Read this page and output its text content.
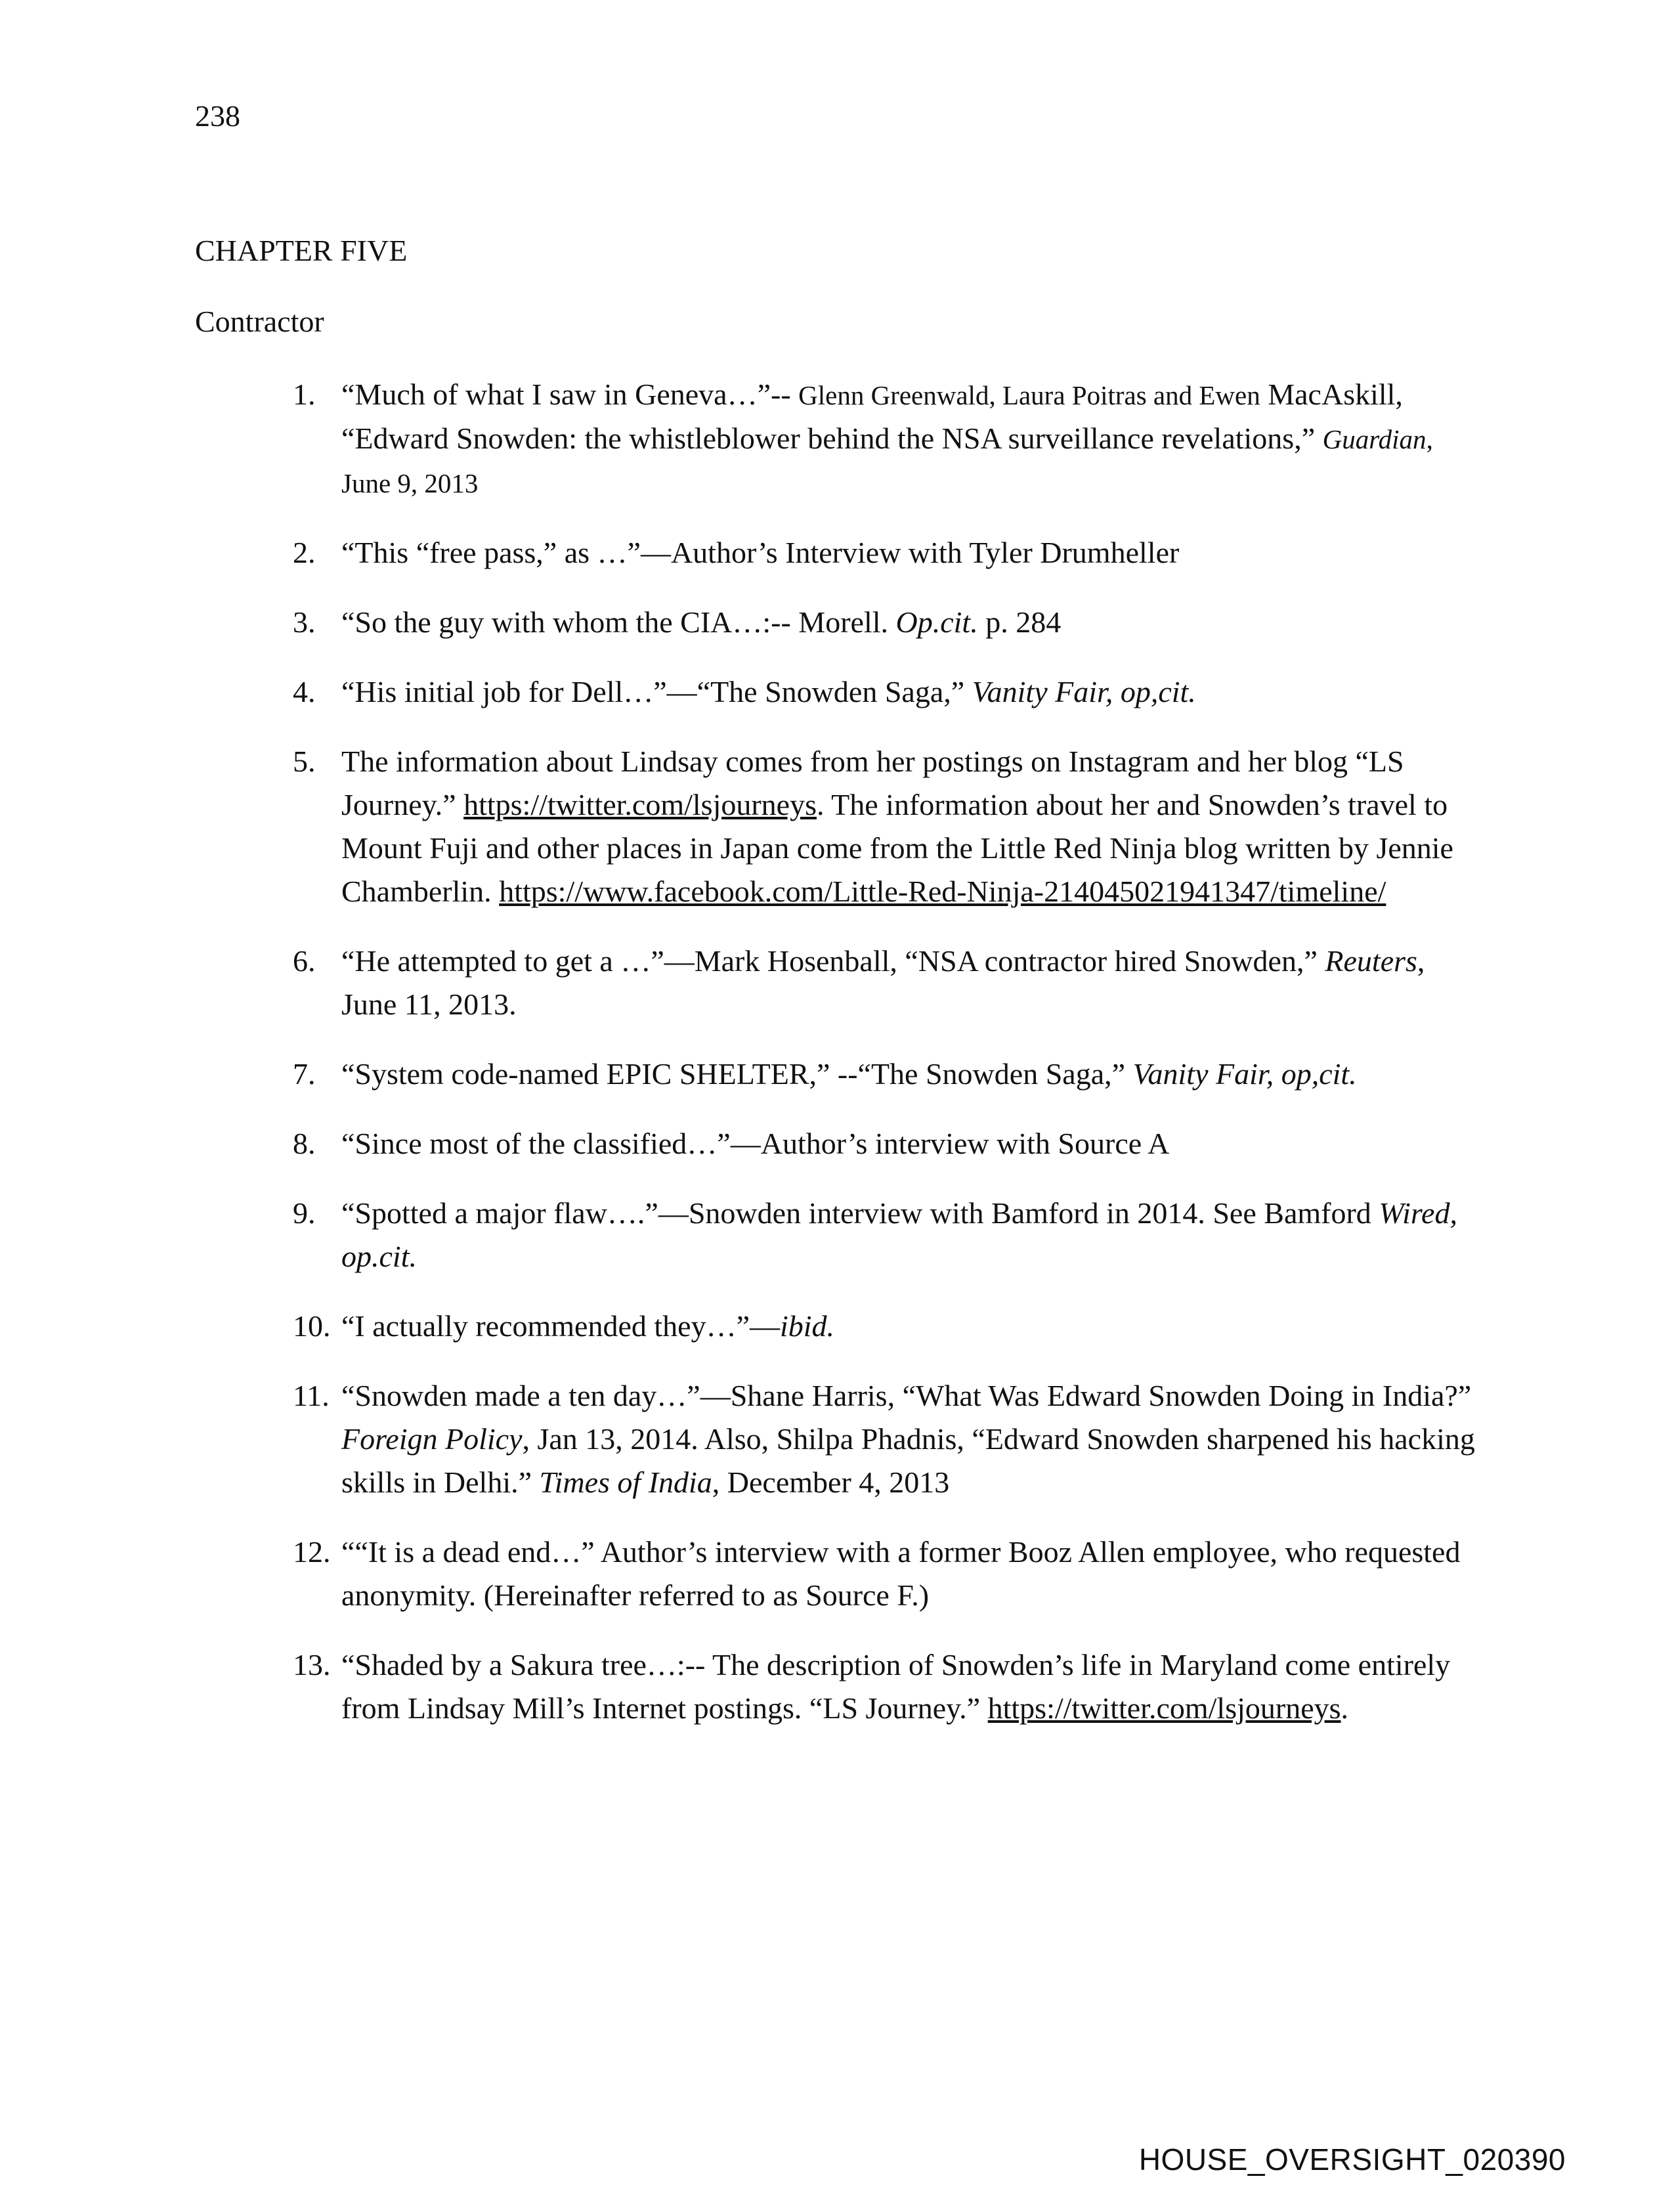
238
CHAPTER FIVE
Contractor
1. “Much of what I saw in Geneva…”-- Glenn Greenwald, Laura Poitras and Ewen MacAskill, “Edward Snowden: the whistleblower behind the NSA surveillance revelations,” Guardian, June 9, 2013
2. “This “free pass,” as …”—Author’s Interview with Tyler Drumheller
3. “So the guy with whom the CIA…:-- Morell. Op.cit. p. 284
4. “His initial job for Dell…”—“The Snowden Saga,” Vanity Fair, op,cit.
5. The information about Lindsay comes from her postings on Instagram and her blog “LS Journey.” https://twitter.com/lsjourneys. The information about her and Snowden’s travel to Mount Fuji and other places in Japan come from the Little Red Ninja blog written by Jennie Chamberlin. https://www.facebook.com/Little-Red-Ninja-214045021941347/timeline/
6. “He attempted to get a …”—Mark Hosenball, “NSA contractor hired Snowden,” Reuters, June 11, 2013.
7. “System code-named EPIC SHELTER,” --“The Snowden Saga,” Vanity Fair, op,cit.
8. “Since most of the classified…”—Author’s interview with Source A
9. “Spotted a major flaw….”—Snowden interview with Bamford in 2014. See Bamford Wired, op.cit.
10. “I actually recommended they…”—ibid.
11. “Snowden made a ten day…”—Shane Harris, “What Was Edward Snowden Doing in India?” Foreign Policy, Jan 13, 2014. Also, Shilpa Phadnis, “Edward Snowden sharpened his hacking skills in Delhi.” Times of India, December 4, 2013
12. ““It is a dead end…” Author’s interview with a former Booz Allen employee, who requested anonymity. (Hereinafter referred to as Source F.)
13. “Shaded by a Sakura tree…:-- The description of Snowden’s life in Maryland come entirely from Lindsay Mill’s Internet postings. “LS Journey.” https://twitter.com/lsjourneys.
HOUSE_OVERSIGHT_020390
